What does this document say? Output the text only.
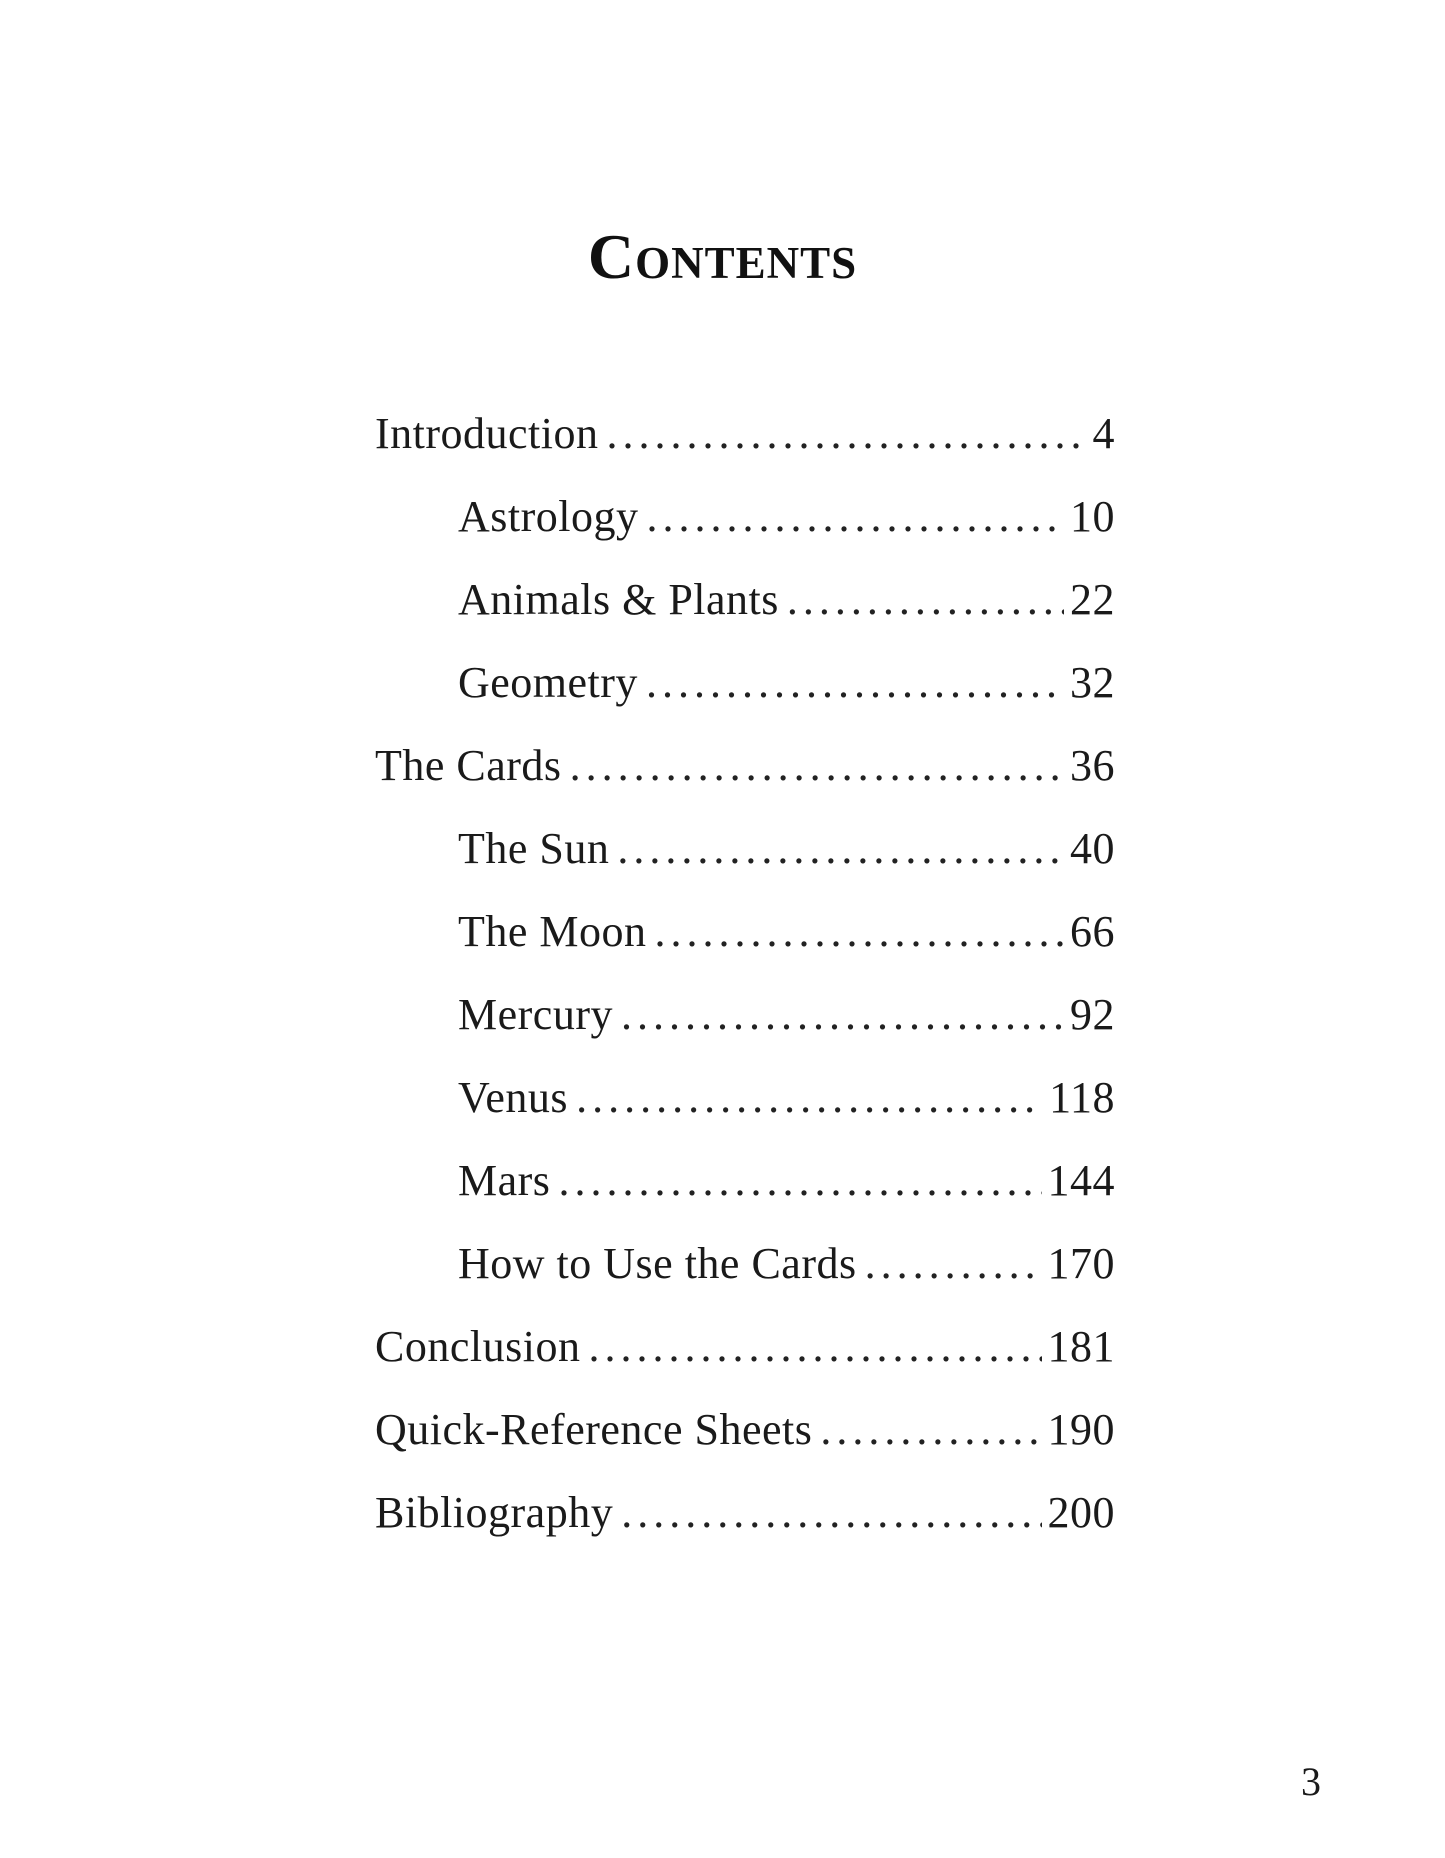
Contents
Introduction .....	4
Astrology .....	10
Animals & Plants .....	22
Geometry .....	32
The Cards .....	36
The Sun .....	40
The Moon .....	66
Mercury .....	92
Venus .....	118
Mars .....	144
How to Use the Cards .....	170
Conclusion .....	181
Quick-Reference Sheets .....	190
Bibliography .....	200
3
